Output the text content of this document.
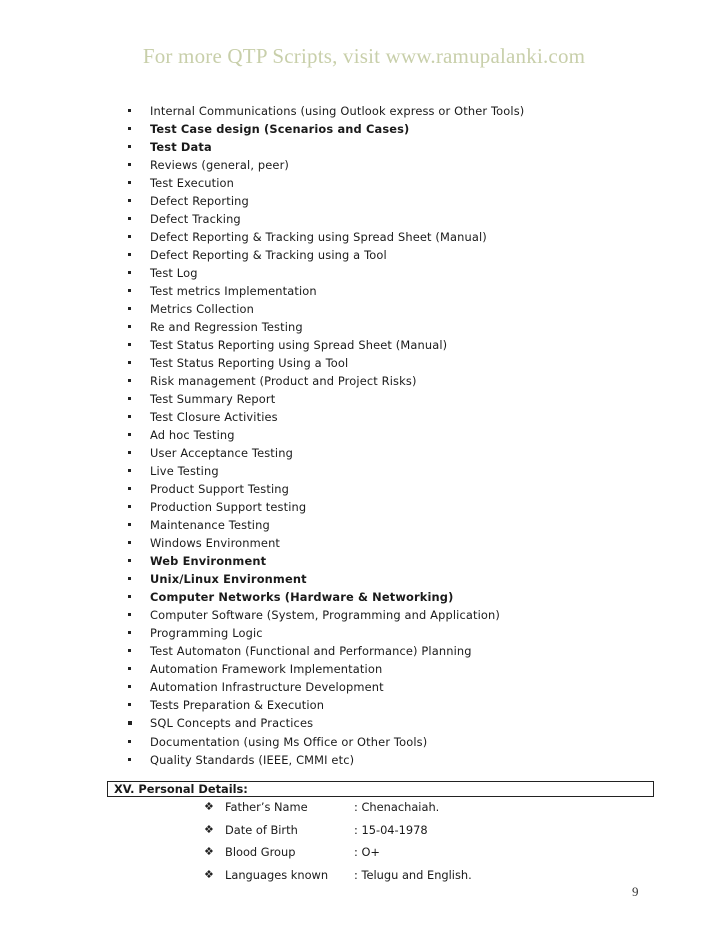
For more QTP Scripts, visit www.ramupalanki.com
Internal Communications (using Outlook express or Other Tools)
Test Case design (Scenarios and Cases)
Test Data
Reviews (general, peer)
Test Execution
Defect Reporting
Defect Tracking
Defect Reporting & Tracking using Spread Sheet (Manual)
Defect Reporting & Tracking using a Tool
Test Log
Test metrics Implementation
Metrics Collection
Re and Regression Testing
Test Status Reporting using Spread Sheet (Manual)
Test Status Reporting Using a Tool
Risk management (Product and Project Risks)
Test Summary Report
Test Closure Activities
Ad hoc Testing
User Acceptance Testing
Live Testing
Product Support Testing
Production Support testing
Maintenance Testing
Windows Environment
Web Environment
Unix/Linux Environment
Computer Networks (Hardware & Networking)
Computer Software (System, Programming and Application)
Programming Logic
Test Automaton (Functional and Performance) Planning
Automation Framework Implementation
Automation Infrastructure Development
Tests Preparation & Execution
SQL Concepts and Practices
Documentation (using Ms Office or Other Tools)
Quality Standards (IEEE, CMMI etc)
XV. Personal Details:
❖ Father’s Name	: Chenachaiah.
❖ Date of Birth	: 15-04-1978
❖ Blood Group	: O+
❖ Languages known : Telugu and English.
9
